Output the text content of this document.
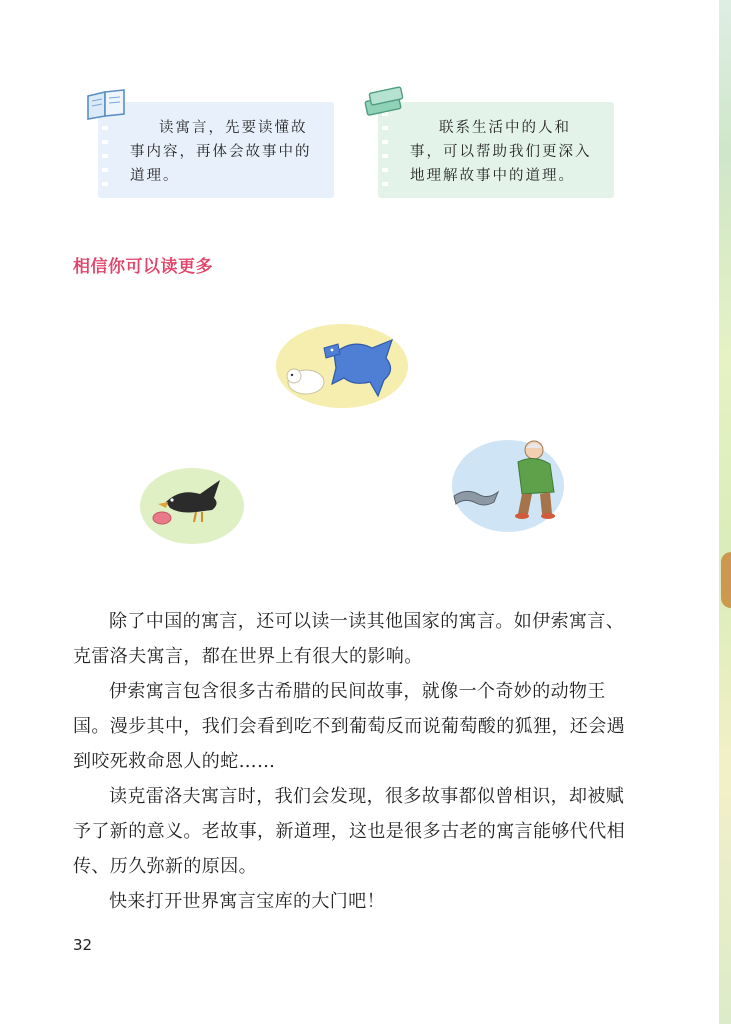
读寓言，先要读懂故事内容，再体会故事中的道理。
联系生活中的人和事，可以帮助我们更深入地理解故事中的道理。
相信你可以读更多

除了中国的寓言，还可以读一读其他国家的寓言。如伊索寓言、克雷洛夫寓言，都在世界上有很大的影响。

伊索寓言包含很多古希腊的民间故事，就像一个奇妙的动物王国。漫步其中，我们会看到吃不到葡萄反而说葡萄酸的狐狸，还会遇到咬死救命恩人的蛇……

读克雷洛夫寓言时，我们会发现，很多故事都似曾相识，却被赋予了新的意义。老故事，新道理，这也是很多古老的寓言能够代代相传、历久弥新的原因。

快来打开世界寓言宝库的大门吧！

32
